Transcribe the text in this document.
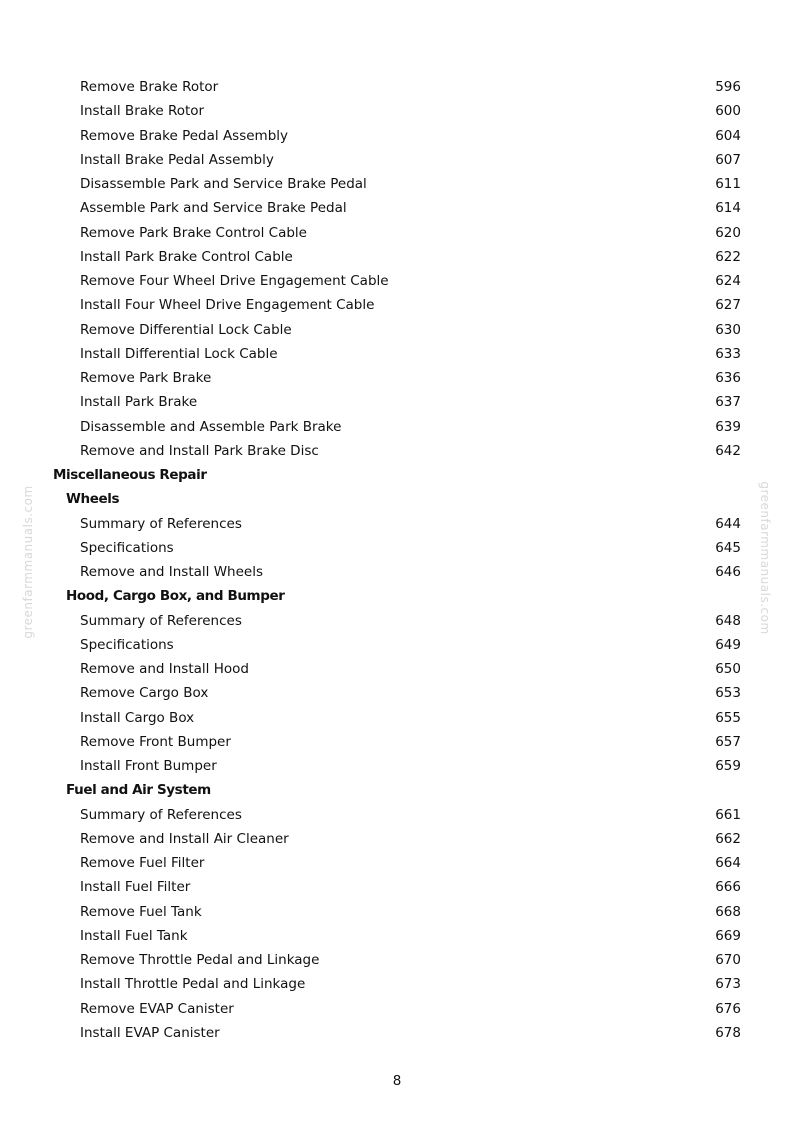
Remove Brake Rotor	596
Install Brake Rotor	600
Remove Brake Pedal Assembly	604
Install Brake Pedal Assembly	607
Disassemble Park and Service Brake Pedal	611
Assemble Park and Service Brake Pedal	614
Remove Park Brake Control Cable	620
Install Park Brake Control Cable	622
Remove Four Wheel Drive Engagement Cable	624
Install Four Wheel Drive Engagement Cable	627
Remove Differential Lock Cable	630
Install Differential Lock Cable	633
Remove Park Brake	636
Install Park Brake	637
Disassemble and Assemble Park Brake	639
Remove and Install Park Brake Disc	642
Miscellaneous Repair
Wheels
Summary of References	644
Specifications	645
Remove and Install Wheels	646
Hood, Cargo Box, and Bumper
Summary of References	648
Specifications	649
Remove and Install Hood	650
Remove Cargo Box	653
Install Cargo Box	655
Remove Front Bumper	657
Install Front Bumper	659
Fuel and Air System
Summary of References	661
Remove and Install Air Cleaner	662
Remove Fuel Filter	664
Install Fuel Filter	666
Remove Fuel Tank	668
Install Fuel Tank	669
Remove Throttle Pedal and Linkage	670
Install Throttle Pedal and Linkage	673
Remove EVAP Canister	676
Install EVAP Canister	678
greenfarmmanuals.com	greenfarmmanuals.com
8
